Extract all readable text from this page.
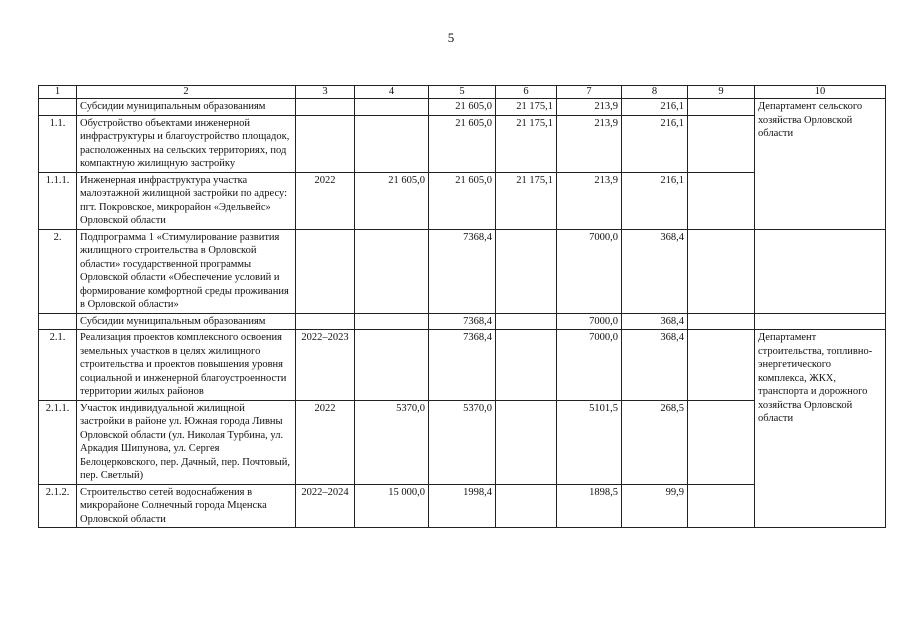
5
1	2	3	4	5	6	7	8	9	10
	Субсидии муниципальным образованиям			21 605,0	21 175,1	213,9	216,1		Департамент сельского хозяйства Орловской области
1.1.	Обустройство объектами инженерной инфраструктуры и благоустройство площадок, расположенных на сельских территориях, под компактную жилищную застройку			21 605,0	21 175,1	213,9	216,1		
1.1.1.	Инженерная инфраструктура участка малоэтажной жилищной застройки по адресу: пгт. Покровское, микрорайон «Эдельвейс» Орловской области	2022	21 605,0	21 605,0	21 175,1	213,9	216,1		
2.	Подпрограмма 1 «Стимулирование развития жилищного строительства в Орловской области» государственной программы Орловской области «Обеспечение условий и формирование комфортной среды проживания в Орловской области»			7368,4		7000,0	368,4		
	Субсидии муниципальным образованиям			7368,4		7000,0	368,4		
2.1.	Реализация проектов комплексного освоения земельных участков в целях жилищного строительства и проектов повышения уровня социальной и инженерной благоустроенности территории жилых районов	2022–2023		7368,4		7000,0	368,4		Департамент строительства, топливно-энергетического комплекса, ЖКХ, транспорта и дорожного хозяйства Орловской области
2.1.1.	Участок индивидуальной жилищной застройки в районе ул. Южная города Ливны Орловской области (ул. Николая Турбина, ул. Аркадия Шипунова, ул. Сергея Белоцерковского, пер. Дачный, пер. Почтовый, пер. Светлый)	2022	5370,0	5370,0		5101,5	268,5		
2.1.2.	Строительство сетей водоснабжения в микрорайоне Солнечный города Мценска Орловской области	2022–2024	15 000,0	1998,4		1898,5	99,9		
